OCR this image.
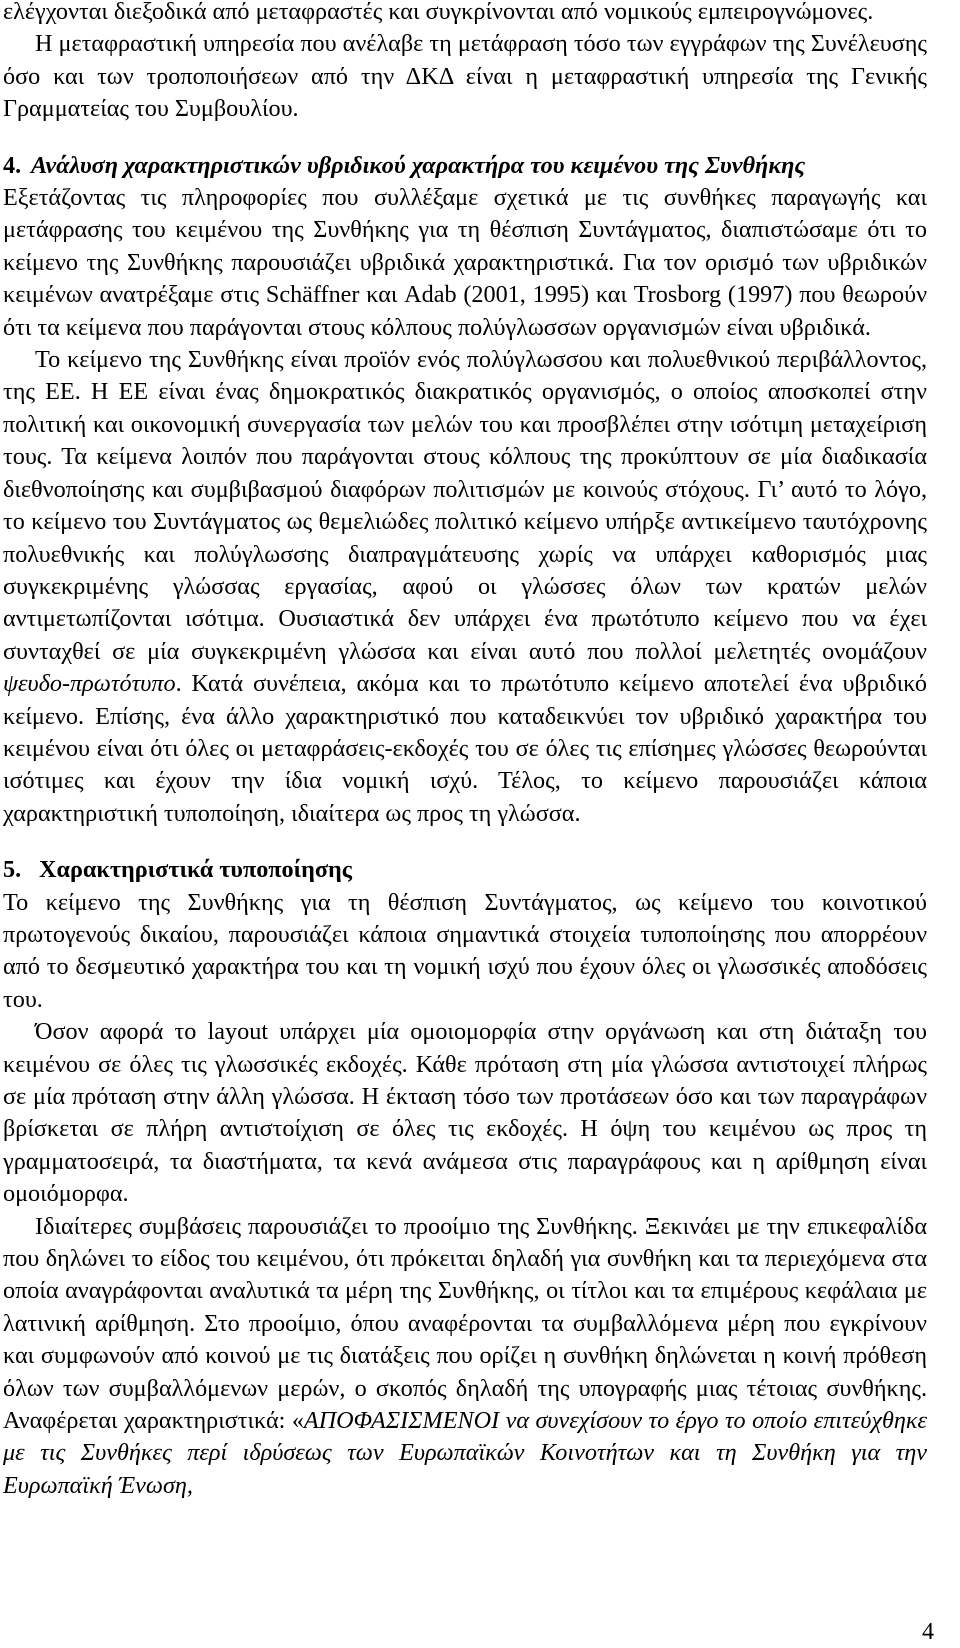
ελέγχονται διεξοδικά από μεταφραστές και συγκρίνονται από νομικούς εμπειρογνώμονες.

Η μεταφραστική υπηρεσία που ανέλαβε τη μετάφραση τόσο των εγγράφων της Συνέλευσης όσο και των τροποποιήσεων από την ΔΚΔ είναι η μεταφραστική υπηρεσία της Γενικής Γραμματείας του Συμβουλίου.

4. Ανάλυση χαρακτηριστικών υβριδικού χαρακτήρα του κειμένου της Συνθήκης

Εξετάζοντας τις πληροφορίες που συλλέξαμε σχετικά με τις συνθήκες παραγωγής και μετάφρασης του κειμένου της Συνθήκης για τη θέσπιση Συντάγματος, διαπιστώσαμε ότι το κείμενο της Συνθήκης παρουσιάζει υβριδικά χαρακτηριστικά. Για τον ορισμό των υβριδικών κειμένων ανατρέξαμε στις Schäffner και Adab (2001, 1995) και Trosborg (1997) που θεωρούν ότι τα κείμενα που παράγονται στους κόλπους πολύγλωσσων οργανισμών είναι υβριδικά.

Το κείμενο της Συνθήκης είναι προϊόν ενός πολύγλωσσου και πολυεθνικού περιβάλλοντος, της ΕΕ. Η ΕΕ είναι ένας δημοκρατικός διακρατικός οργανισμός, ο οποίος αποσκοπεί στην πολιτική και οικονομική συνεργασία των μελών του και προσβλέπει στην ισότιμη μεταχείριση τους. Τα κείμενα λοιπόν που παράγονται στους κόλπους της προκύπτουν σε μία διαδικασία διεθνοποίησης και συμβιβασμού διαφόρων πολιτισμών με κοινούς στόχους. Γι’ αυτό το λόγο, το κείμενο του Συντάγματος ως θεμελιώδες πολιτικό κείμενο υπήρξε αντικείμενο ταυτόχρονης πολυεθνικής και πολύγλωσσης διαπραγμάτευσης χωρίς να υπάρχει καθορισμός μιας συγκεκριμένης γλώσσας εργασίας, αφού οι γλώσσες όλων των κρατών μελών αντιμετωπίζονται ισότιμα. Ουσιαστικά δεν υπάρχει ένα πρωτότυπο κείμενο που να έχει συνταχθεί σε μία συγκεκριμένη γλώσσα και είναι αυτό που πολλοί μελετητές ονομάζουν ψευδο-πρωτότυπο. Κατά συνέπεια, ακόμα και το πρωτότυπο κείμενο αποτελεί ένα υβριδικό κείμενο. Επίσης, ένα άλλο χαρακτηριστικό που καταδεικνύει τον υβριδικό χαρακτήρα του κειμένου είναι ότι όλες οι μεταφράσεις-εκδοχές του σε όλες τις επίσημες γλώσσες θεωρούνται ισότιμες και έχουν την ίδια νομική ισχύ. Τέλος, το κείμενο παρουσιάζει κάποια χαρακτηριστική τυποποίηση, ιδιαίτερα ως προς τη γλώσσα.

5. Χαρακτηριστικά τυποποίησης

Το κείμενο της Συνθήκης για τη θέσπιση Συντάγματος, ως κείμενο του κοινοτικού πρωτογενούς δικαίου, παρουσιάζει κάποια σημαντικά στοιχεία τυποποίησης που απορρέουν από το δεσμευτικό χαρακτήρα του και τη νομική ισχύ που έχουν όλες οι γλωσσικές αποδόσεις του.

Όσον αφορά το layout υπάρχει μία ομοιομορφία στην οργάνωση και στη διάταξη του κειμένου σε όλες τις γλωσσικές εκδοχές. Κάθε πρόταση στη μία γλώσσα αντιστοιχεί πλήρως σε μία πρόταση στην άλλη γλώσσα. Η έκταση τόσο των προτάσεων όσο και των παραγράφων βρίσκεται σε πλήρη αντιστοίχιση σε όλες τις εκδοχές. Η όψη του κειμένου ως προς τη γραμματοσειρά, τα διαστήματα, τα κενά ανάμεσα στις παραγράφους και η αρίθμηση είναι ομοιόμορφα.

Ιδιαίτερες συμβάσεις παρουσιάζει το προοίμιο της Συνθήκης. Ξεκινάει με την επικεφαλίδα που δηλώνει το είδος του κειμένου, ότι πρόκειται δηλαδή για συνθήκη και τα περιεχόμενα στα οποία αναγράφονται αναλυτικά τα μέρη της Συνθήκης, οι τίτλοι και τα επιμέρους κεφάλαια με λατινική αρίθμηση. Στο προοίμιο, όπου αναφέρονται τα συμβαλλόμενα μέρη που εγκρίνουν και συμφωνούν από κοινού με τις διατάξεις που ορίζει η συνθήκη δηλώνεται η κοινή πρόθεση όλων των συμβαλλόμενων μερών, ο σκοπός δηλαδή της υπογραφής μιας τέτοιας συνθήκης. Αναφέρεται χαρακτηριστικά: «ΑΠΟΦΑΣΙΣΜΕΝΟΙ να συνεχίσουν το έργο το οποίο επιτεύχθηκε με τις Συνθήκες περί ιδρύσεως των Ευρωπαϊκών Κοινοτήτων και τη Συνθήκη για την Ευρωπαϊκή Ένωση,

4
